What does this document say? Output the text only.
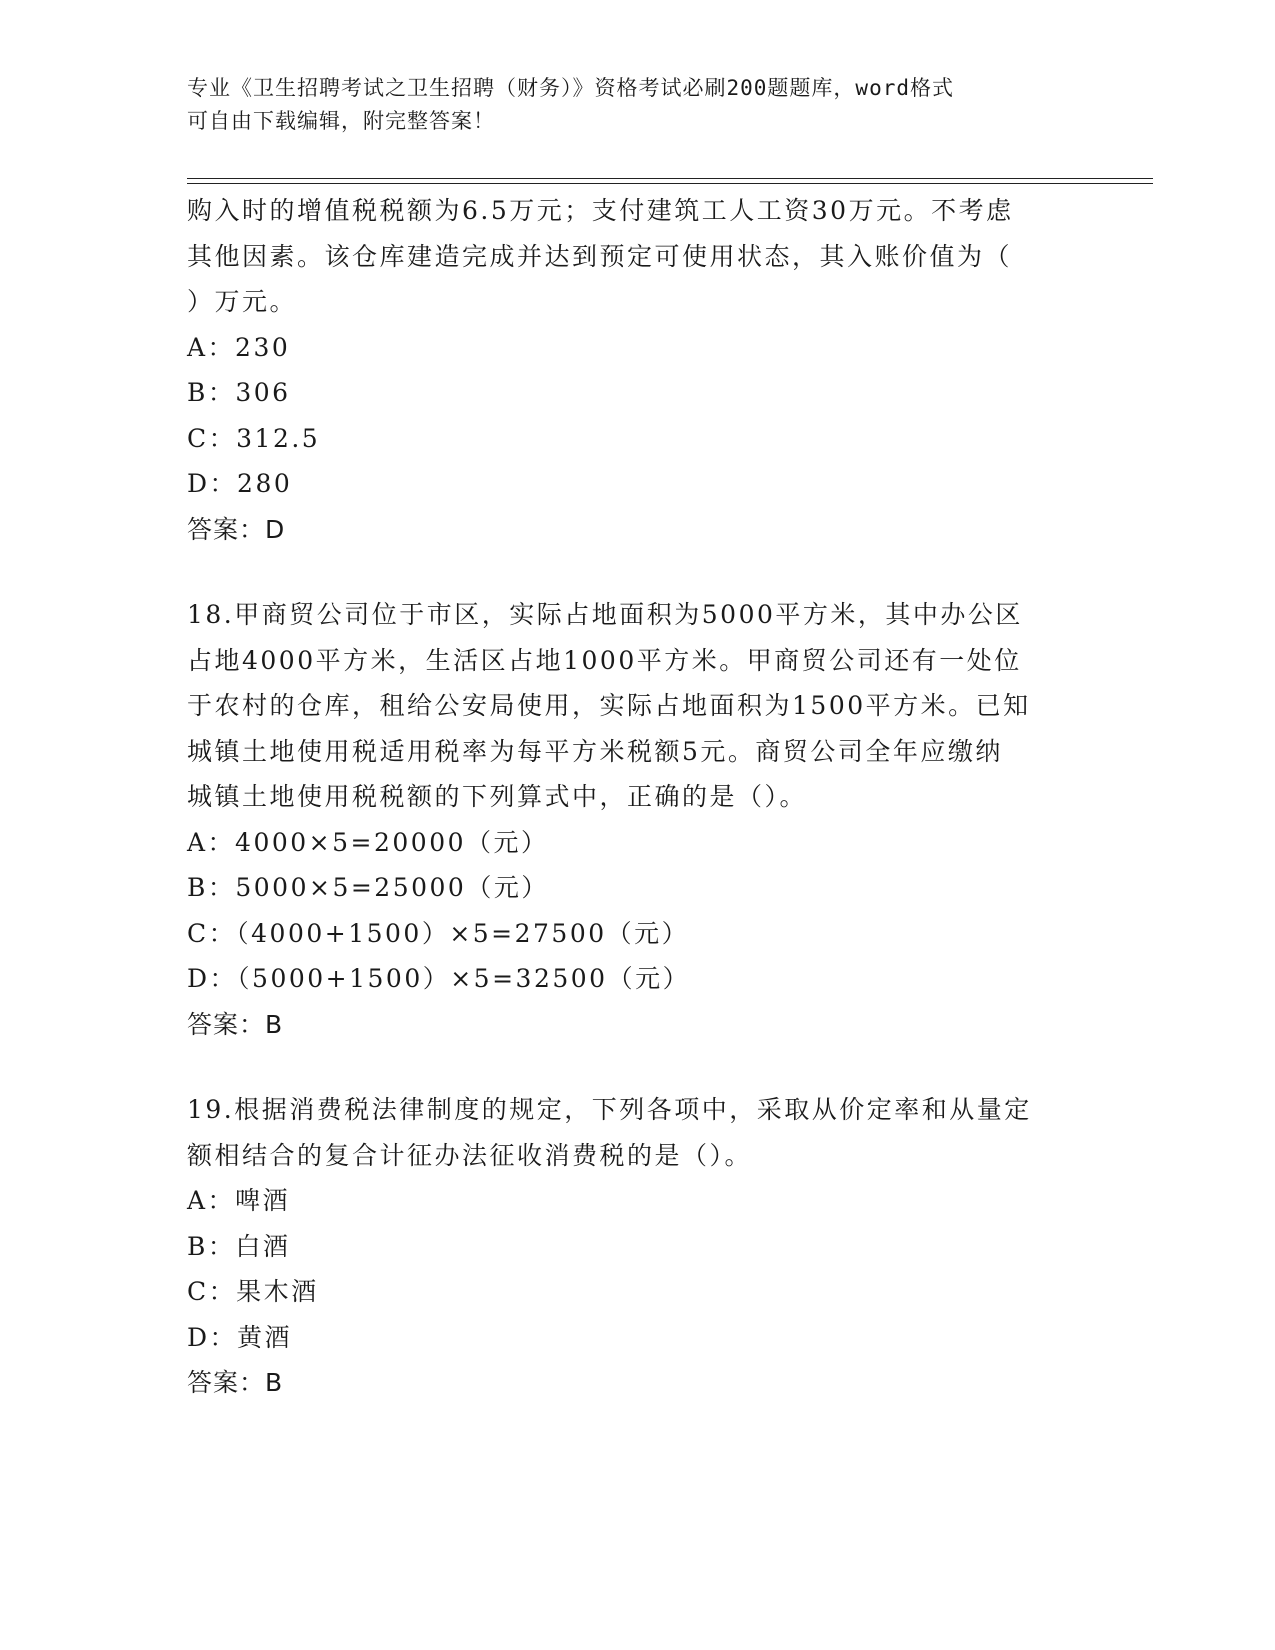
专业《卫生招聘考试之卫生招聘（财务）》资格考试必刷200题题库，word格式
可自由下载编辑，附完整答案！
购入时的增值税税额为6.5万元；支付建筑工人工资30万元。不考虑
其他因素。该仓库建造完成并达到预定可使用状态，其入账价值为（
）万元。
A：230
B：306
C：312.5
D：280
答案：D
18.甲商贸公司位于市区，实际占地面积为5000平方米，其中办公区
占地4000平方米，生活区占地1000平方米。甲商贸公司还有一处位
于农村的仓库，租给公安局使用，实际占地面积为1500平方米。已知
城镇土地使用税适用税率为每平方米税额5元。商贸公司全年应缴纳
城镇土地使用税税额的下列算式中，正确的是（）。
A：4000×5=20000（元）
B：5000×5=25000（元）
C：（4000+1500）×5=27500（元）
D：（5000+1500）×5=32500（元）
答案：B
19.根据消费税法律制度的规定，下列各项中，采取从价定率和从量定
额相结合的复合计征办法征收消费税的是（）。
A：啤酒
B：白酒
C：果木酒
D：黄酒
答案：B
